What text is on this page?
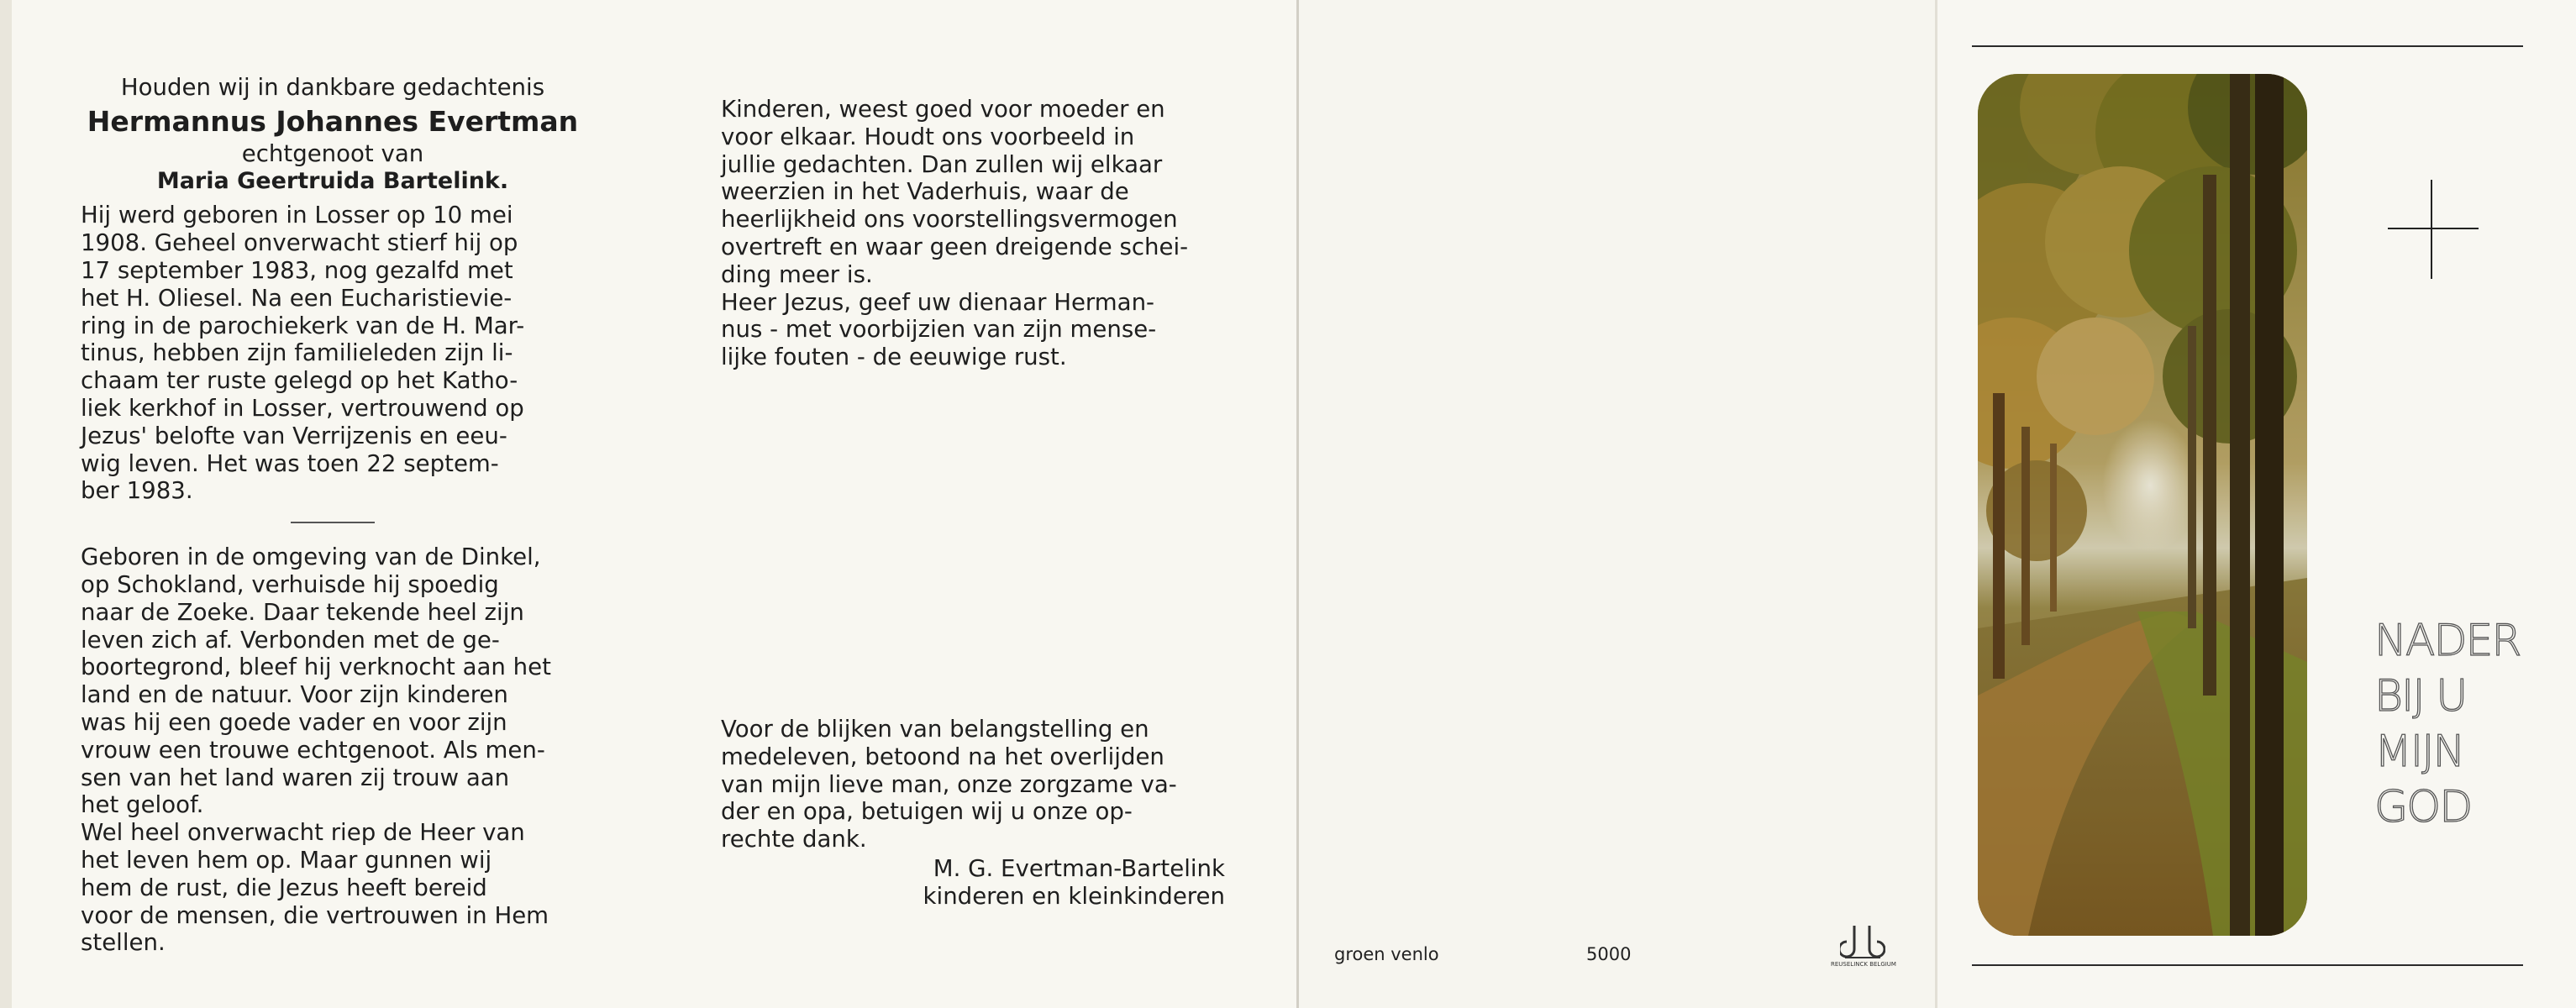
Houden wij in dankbare gedachtenis

Hermannus Johannes Evertman

echtgenoot van

Maria Geertruida Bartelink.

Hij werd geboren in Losser op 10 mei
1908. Geheel onverwacht stierf hij op
17 september 1983, nog gezalfd met
het H. Oliesel. Na een Eucharistievie-
ring in de parochiekerk van de H. Mar-
tinus, hebben zijn familieleden zijn li-
chaam ter ruste gelegd op het Katho-
liek kerkhof in Losser, vertrouwend op
Jezus' belofte van Verrijzenis en eeu-
wig leven. Het was toen 22 septem-
ber 1983.

Geboren in de omgeving van de Dinkel,
op Schokland, verhuisde hij spoedig
naar de Zoeke. Daar tekende heel zijn
leven zich af. Verbonden met de ge-
boortegrond, bleef hij verknocht aan het
land en de natuur. Voor zijn kinderen
was hij een goede vader en voor zijn
vrouw een trouwe echtgenoot. Als men-
sen van het land waren zij trouw aan
het geloof.
Wel heel onverwacht riep de Heer van
het leven hem op. Maar gunnen wij
hem de rust, die Jezus heeft bereid
voor de mensen, die vertrouwen in Hem
stellen.

Kinderen, weest goed voor moeder en
voor elkaar. Houdt ons voorbeeld in
jullie gedachten. Dan zullen wij elkaar
weerzien in het Vaderhuis, waar de
heerlijkheid ons voorstellingsvermogen
overtreft en waar geen dreigende schei-
ding meer is.
Heer Jezus, geef uw dienaar Herman-
nus - met voorbijzien van zijn mense-
lijke fouten - de eeuwige rust.

Voor de blijken van belangstelling en
medeleven, betoond na het overlijden
van mijn lieve man, onze zorgzame va-
der en opa, betuigen wij u onze op-
rechte dank.
M. G. Evertman-Bartelink
kinderen en kleinkinderen
groen venlo	5000	REUSELINCK BELGIUM
NADER
BIJ U
MIJN
GOD
